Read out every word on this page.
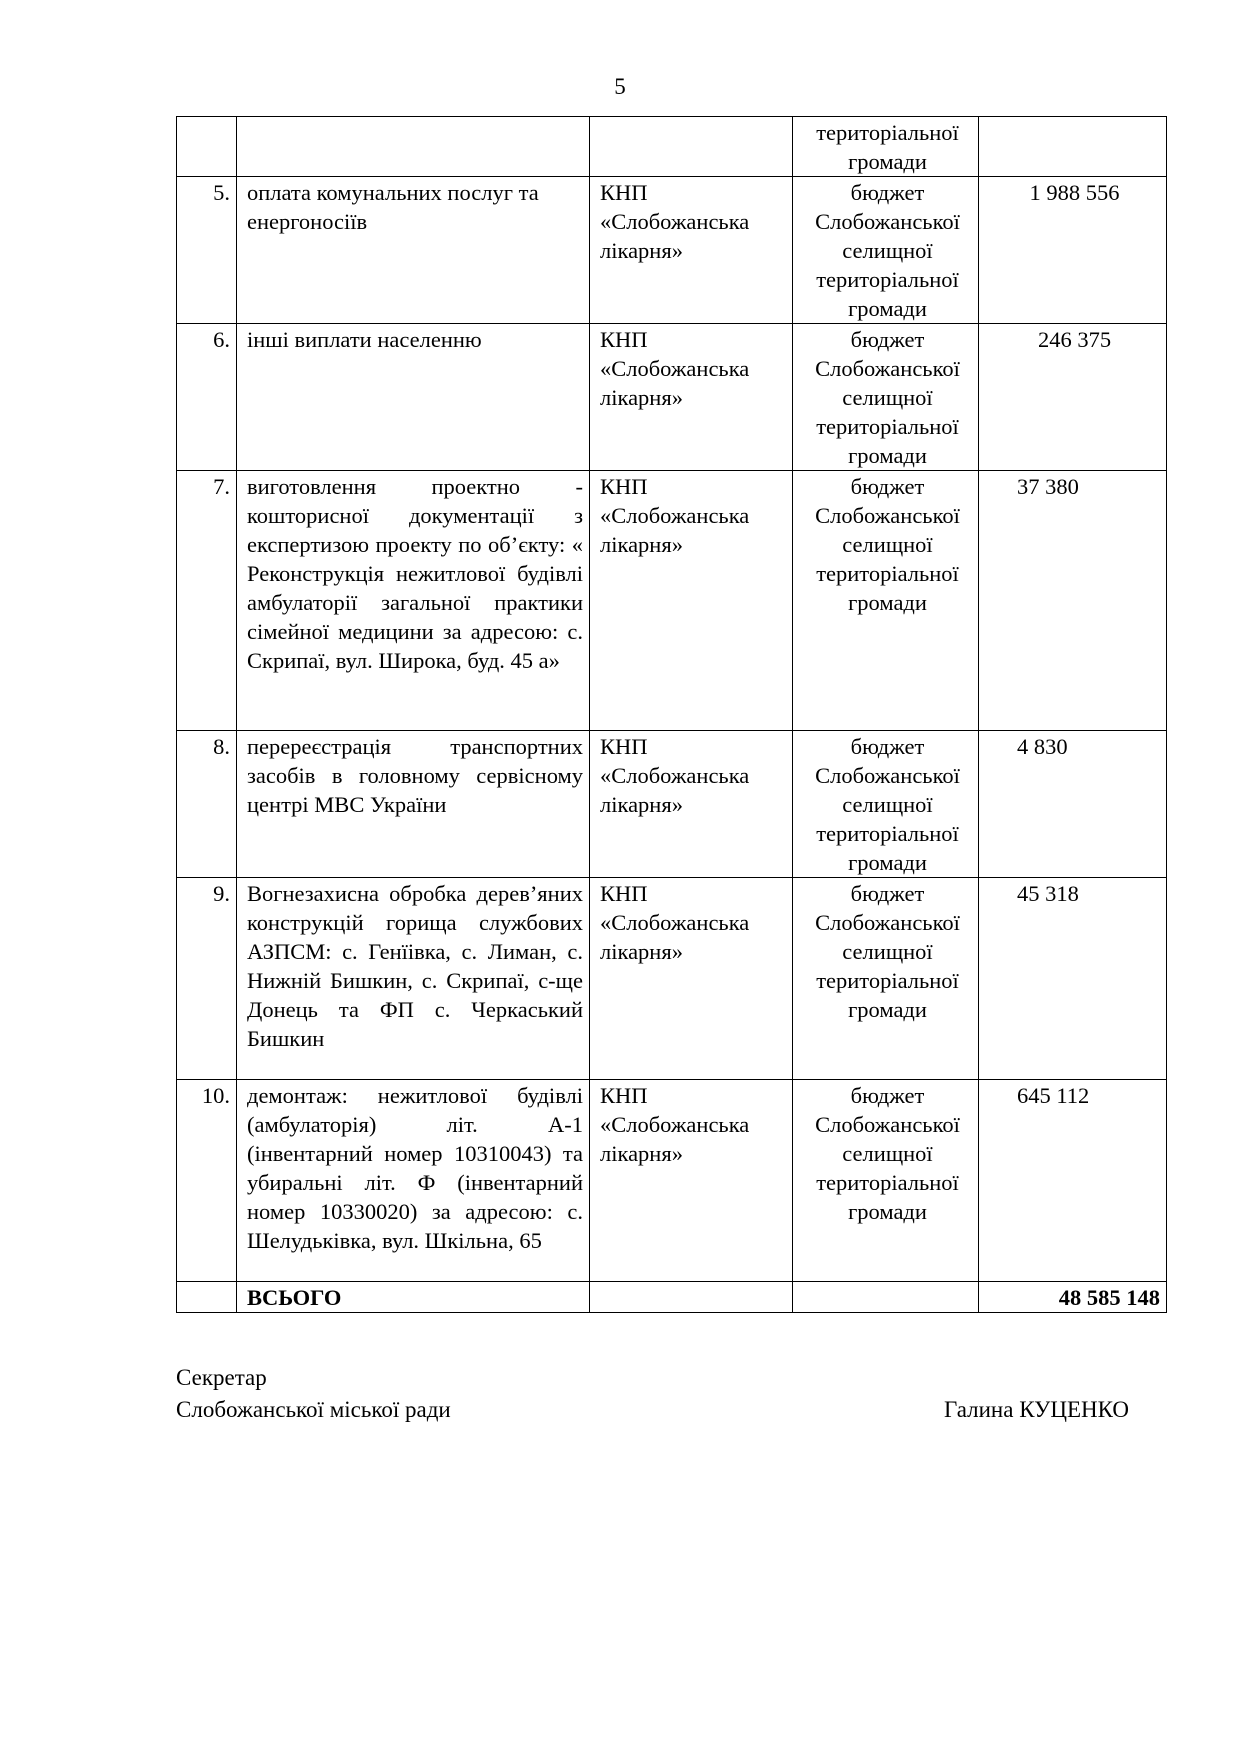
5
			територіальної громади	
5.	оплата комунальних послуг та енергоносіїв	КНП «Слобожанська лікарня»	бюджет Слобожанської селищної територіальної громади	1 988 556
6.	інші виплати населенню	КНП «Слобожанська лікарня»	бюджет Слобожанської селищної територіальної громади	246 375
7.	виготовлення проектно - кошторисної документації з експертизою проекту по об’єкту: « Реконструкція нежитлової будівлі амбулаторії загальної практики сімейної медицини за адресою: с. Скрипаї, вул. Широка, буд. 45 а»	КНП «Слобожанська лікарня»	бюджет Слобожанської селищної територіальної громади	37 380
8.	перереєстрація транспортних засобів в головному сервісному центрі МВС України	КНП «Слобожанська лікарня»	бюджет Слобожанської селищної територіальної громади	4 830
9.	Вогнезахисна обробка дерев’яних конструкцій горища службових АЗПСМ: с. Генїівка, с. Лиман, с. Нижній Бишкин, с. Скрипаї, с-ще Донець та ФП с. Черкаський Бишкин	КНП «Слобожанська лікарня»	бюджет Слобожанської селищної територіальної громади	45 318
10.	демонтаж: нежитлової будівлі (амбулаторія) літ. А-1 (інвентарний номер 10310043) та убиральні літ. Ф (інвентарний номер 10330020) за адресою: с. Шелудьківка, вул. Шкільна, 65	КНП «Слобожанська лікарня»	бюджет Слобожанської селищної територіальної громади	645 112
	ВСЬОГО			48 585 148
Секретар
Слобожанської міської ради	Галина КУЦЕНКО
